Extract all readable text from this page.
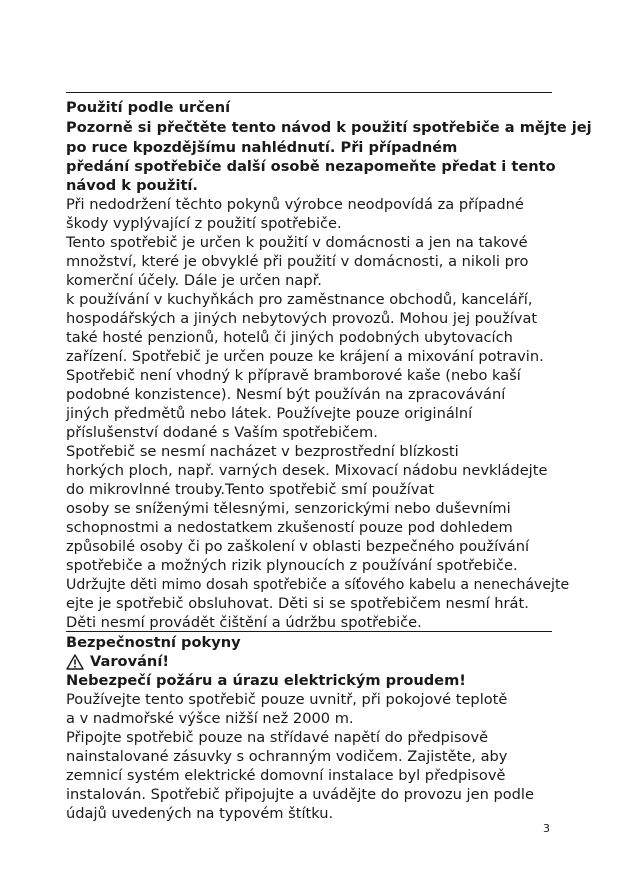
Použití podle určení
Pozorně si přečtěte tento návod k použití spotřebiče a mějte jej
po ruce kpozdějšímu nahlédnutí. Při případném
předání spotřebiče další osobě nezapomeňte předat i tento
návod k použití.
Při nedodržení těchto pokynů výrobce neodpovídá za případné
škody vyplývající z použití spotřebiče.
Tento spotřebič je určen k použití v domácnosti a jen na takové
množství, které je obvyklé při použití v domácnosti, a nikoli pro
komerční účely. Dále je určen např.
k používání v kuchyňkách pro zaměstnance obchodů, kanceláří,
hospodářských a jiných nebytových provozů. Mohou jej používat
také hosté penzionů, hotelů či jiných podobných ubytovacích
zařízení. Spotřebič je určen pouze ke krájení a mixování potravin.
Spotřebič není vhodný k přípravě bramborové kaše (nebo kaší
podobné konzistence). Nesmí být používán na zpracovávání
jiných předmětů nebo látek. Používejte pouze originální
příslušenství dodané s Vaším spotřebičem.
Spotřebič se nesmí nacházet v bezprostřední blízkosti
horkých ploch, např. varných desek. Mixovací nádobu nevkládejte
do mikrovlnné trouby.Tento spotřebič smí používat
osoby se sníženými tělesnými, senzorickými nebo duševními
schopnostmi a nedostatkem zkušeností pouze pod dohledem
způsobilé osoby či po zaškolení v oblasti bezpečného používání
spotřebiče a možných rizik plynoucích z používání spotřebiče.
Udržujte děti mimo dosah spotřebiče a síťového kabelu a nenechávejte
ejte je spotřebič obsluhovat. Děti si se spotřebičem nesmí hrát.
Děti nesmí provádět čištění a údržbu spotřebiče.
Bezpečnostní pokyny
Varování!
Nebezpečí požáru a úrazu elektrickým proudem!
Používejte tento spotřebič pouze uvnitř, při pokojové teplotě
a v nadmořské výšce nižší než 2000 m.
Připojte spotřebič pouze na střídavé napětí do předpisově
nainstalované zásuvky s ochranným vodičem. Zajistěte, aby
zemnicí systém elektrické domovní instalace byl předpisově
instalován. Spotřebič připojujte a uvádějte do provozu jen podle
údajů uvedených na typovém štítku.
3
